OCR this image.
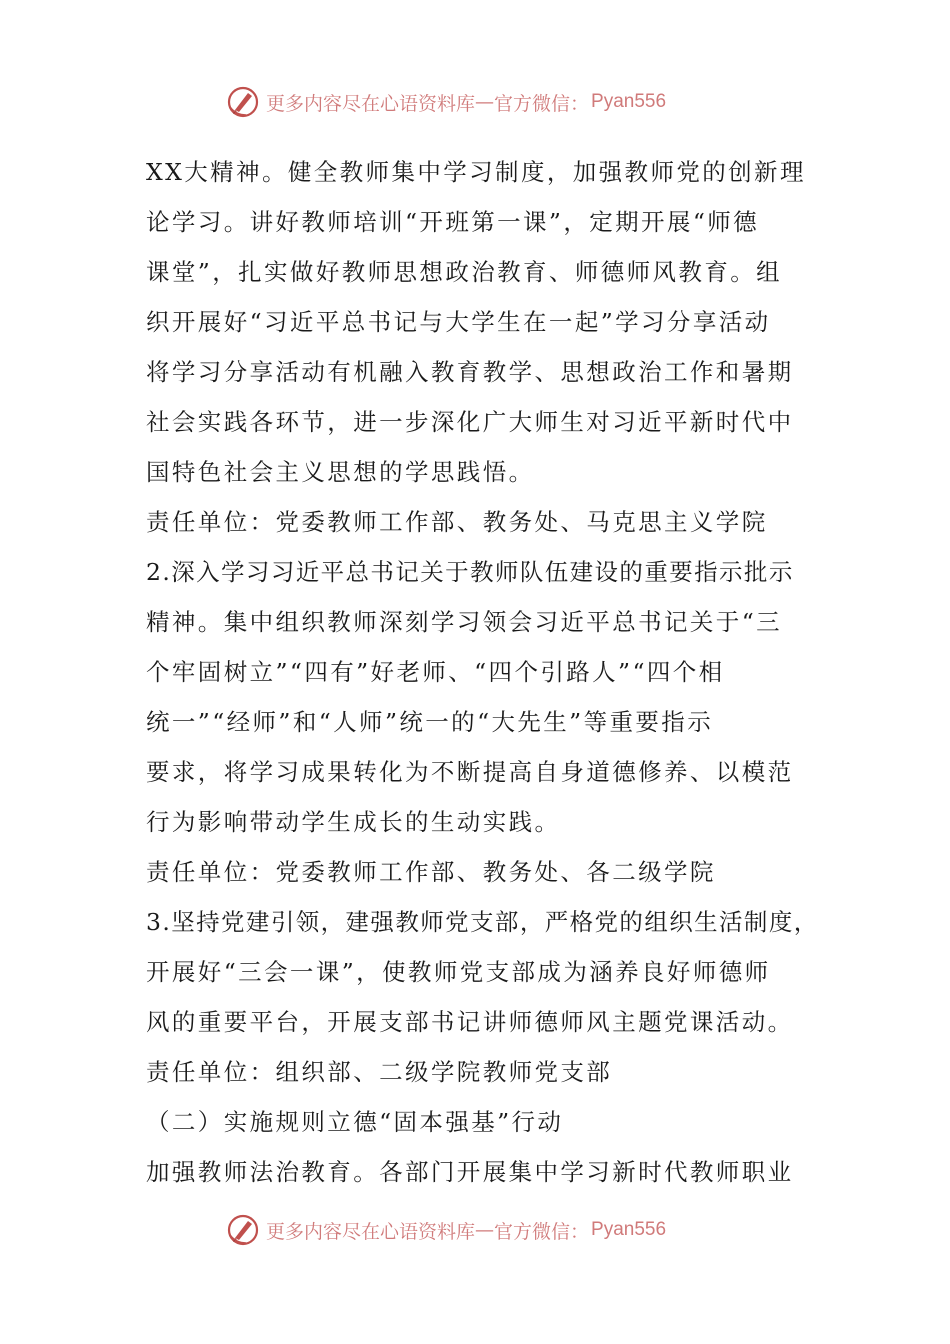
更多内容尽在心语资料库 — 官方微信： Pyan556
XX大精神。健全教师集中学习制度，加强教师党的创新理
论学习。讲好教师培训“开班第一课”，定期开展“师德
课堂”，扎实做好教师思想政治教育、师德师风教育。组
织开展好“习近平总书记与大学生在一起”学习分享活动
将学习分享活动有机融入教育教学、思想政治工作和暑期
社会实践各环节，进一步深化广大师生对习近平新时代中
国特色社会主义思想的学思践悟。
责任单位：党委教师工作部、教务处、马克思主义学院
2.深入学习习近平总书记关于教师队伍建设的重要指示批示
精神。集中组织教师深刻学习领会习近平总书记关于“三
个牢固树立”“四有”好老师、“四个引路人”“四个相
统一”“经师”和“人师”统一的“大先生”等重要指示
要求，将学习成果转化为不断提高自身道德修养、以模范
行为影响带动学生成长的生动实践。
责任单位：党委教师工作部、教务处、各二级学院
3.坚持党建引领，建强教师党支部，严格党的组织生活制度，
开展好“三会一课”，使教师党支部成为涵养良好师德师
风的重要平台，开展支部书记讲师德师风主题党课活动。
责任单位：组织部、二级学院教师党支部
（二）实施规则立德“固本强基”行动
加强教师法治教育。各部门开展集中学习新时代教师职业
更多内容尽在心语资料库 — 官方微信： Pyan556
